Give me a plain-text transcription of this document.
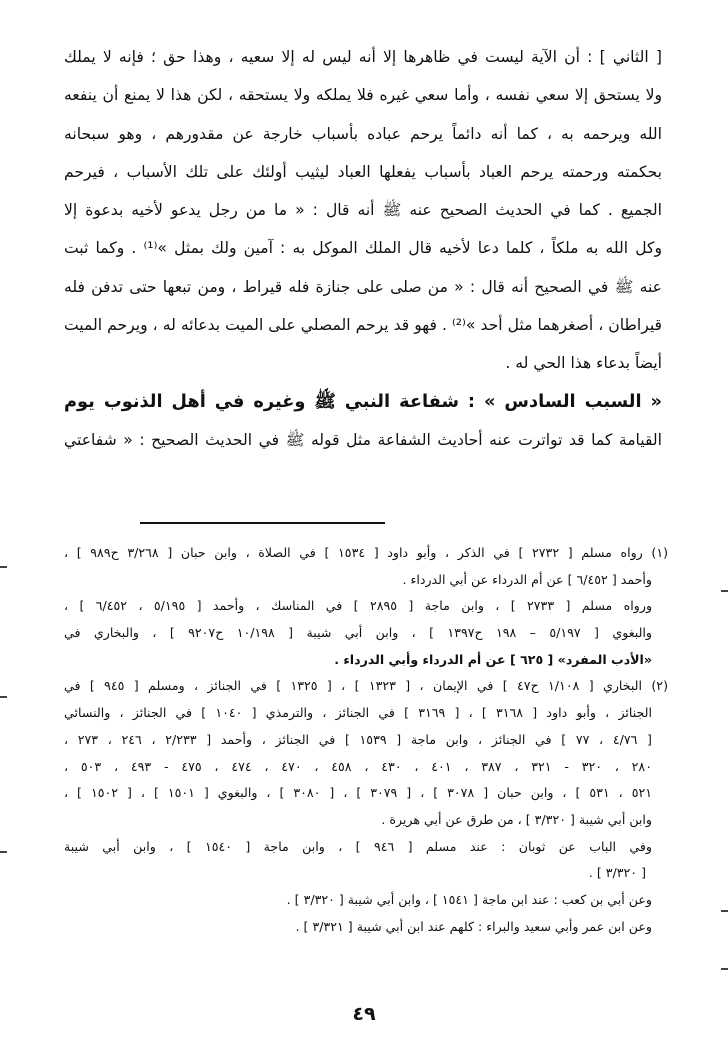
[ الثاني ] : أن الآية ليست في ظاهرها إلا أنه ليس له إلا سعيه ، وهذا حق ؛ فإنه لا يملك
ولا يستحق إلا سعي نفسه ، وأما سعي غيره فلا يملكه ولا يستحقه ، لكن هذا لا يمنع أن ينفعه
الله ويرحمه به ، كما أنه دائماً يرحم عباده بأسباب خارجة عن مقدورهم ، وهو سبحانه
بحكمته ورحمته يرحم العباد بأسباب يفعلها العباد ليثيب أولئك على تلك الأسباب ، فيرحم
الجميع . كما في الحديث الصحيح عنه ﷺ أنه قال : « ما من رجل يدعو لأخيه بدعوة إلا
وكل الله به ملكاً ، كلما دعا لأخيه قال الملك الموكل به : آمين ولك بمثل »⁽¹⁾ . وكما ثبت
عنه ﷺ في الصحيح أنه قال : « من صلى على جنازة فله قيراط ، ومن تبعها حتى تدفن فله
قيراطان ، أصغرهما مثل أحد »⁽²⁾ . فهو قد يرحم المصلي على الميت بدعائه له ، ويرحم الميت
أيضاً بدعاء هذا الحي له .
« السبب السادس » : شفاعة النبي ﷺ وغيره في أهل الذنوب يوم
القيامة كما قد تواترت عنه أحاديث الشفاعة مثل قوله ﷺ في الحديث الصحيح : « شفاعتي
(١) رواه مسلم [ ٢٧٣٢ ] في الذكر ، وأبو داود [ ١٥٣٤ ] في الصلاة ، وابن حبان [ ٣/٢٦٨ ح٩٨٩ ] ،
وأحمد [ ٦/٤٥٢ ] عن أم الدرداء عن أبي الدرداء .
ورواه مسلم [ ٢٧٣٣ ] ، وابن ماجة [ ٢٨٩٥ ] في المناسك ، وأحمد [ ٥/١٩٥ ، ٦/٤٥٢ ] ،
والبغوي [ ٥/١٩٧ – ١٩٨ ح١٣٩٧ ] ، وابن أبي شيبة [ ١٠/١٩٨ ح٩٢٠٧ ] ، والبخاري في
«الأدب المفرد» [ ٦٢٥ ] عن أم الدرداء وأبي الدرداء .
(٢) البخاري [ ١/١٠٨ ح٤٧ ] في الإيمان ، [ ١٣٢٣ ] ، [ ١٣٢٥ ] في الجنائز ، ومسلم [ ٩٤٥ ] في
الجنائز ، وأبو داود [ ٣١٦٨ ] ، [ ٣١٦٩ ] في الجنائز ، والترمذي [ ١٠٤٠ ] في الجنائز ، والنسائي
[ ٤/٧٦ ، ٧٧ ] في الجنائز ، وابن ماجة [ ١٥٣٩ ] في الجنائز ، وأحمد [ ٢/٢٣٣ ، ٢٤٦ ، ٢٧٣ ،
٢٨٠ ، ٣٢٠ - ٣٢١ ، ٣٨٧ ، ٤٠١ ، ٤٣٠ ، ٤٥٨ ، ٤٧٠ ، ٤٧٤ ، ٤٧٥ - ٤٩٣ ، ٥٠٣ ،
٥٢١ ، ٥٣١ ] ، وابن حبان [ ٣٠٧٨ ] ، [ ٣٠٧٩ ] ، [ ٣٠٨٠ ] ، والبغوي [ ١٥٠١ ] ، [ ١٥٠٢ ] ،
وابن أبي شيبة [ ٣/٣٢٠ ] ، من طرق عن أبي هريرة .
وفي الباب عن ثوبان : عند مسلم [ ٩٤٦ ] ، وابن ماجة [ ١٥٤٠ ] ، وابن أبي شيبة
[ ٣/٣٢٠ ] .
وعن أبي بن كعب : عند ابن ماجة [ ١٥٤١ ] ، وابن أبي شيبة [ ٣/٣٢٠ ] .
وعن ابن عمر وأبي سعيد والبراء : كلهم عند ابن أبي شيبة [ ٣/٣٢١ ] .
٤٩
